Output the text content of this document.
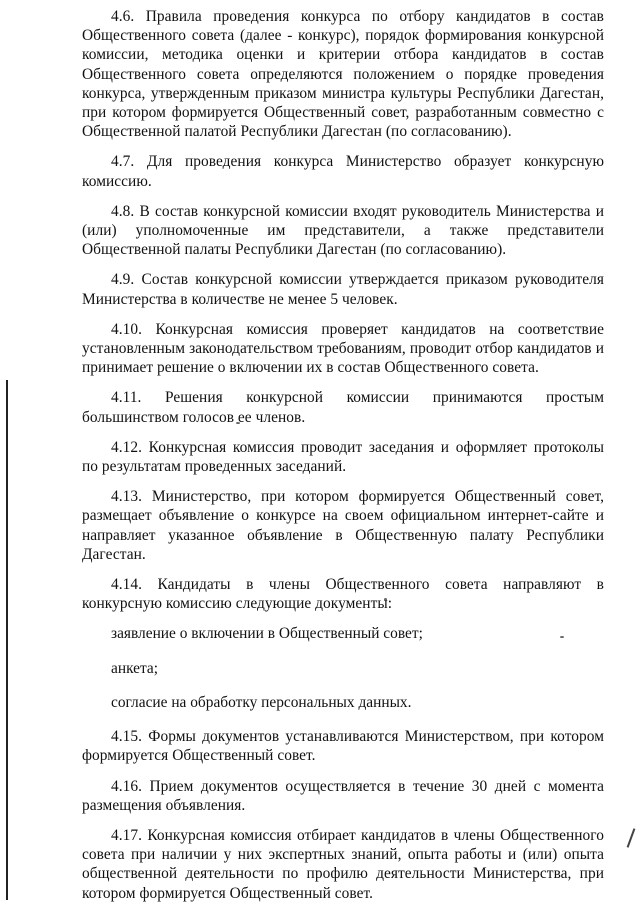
4.6. Правила проведения конкурса по отбору кандидатов в состав Общественного совета (далее - конкурс), порядок формирования конкурсной комиссии, методика оценки и критерии отбора кандидатов в состав Общественного совета определяются положением о порядке проведения конкурса, утвержденным приказом министра культуры Республики Дагестан, при котором формируется Общественный совет, разработанным совместно с Общественной палатой Республики Дагестан (по согласованию).

4.7. Для проведения конкурса Министерство образует конкурсную комиссию.

4.8. В состав конкурсной комиссии входят руководитель Министерства и (или) уполномоченные им представители, а также представители Общественной палаты Республики Дагестан (по согласованию).

4.9. Состав конкурсной комиссии утверждается приказом руководителя Министерства в количестве не менее 5 человек.

4.10. Конкурсная комиссия проверяет кандидатов на соответствие установленным законодательством требованиям, проводит отбор кандидатов и принимает решение о включении их в состав Общественного совета.

4.11. Решения конкурсной комиссии принимаются простым большинством голосов ее членов.

4.12. Конкурсная комиссия проводит заседания и оформляет протоколы по результатам проведенных заседаний.

4.13. Министерство, при котором формируется Общественный совет, размещает объявление о конкурсе на своем официальном интернет-сайте и направляет указанное объявление в Общественную палату Республики Дагестан.

4.14. Кандидаты в члены Общественного совета направляют в конкурсную комиссию следующие документы:

заявление о включении в Общественный совет;

анкета;

согласие на обработку персональных данных.

4.15. Формы документов устанавливаются Министерством, при котором формируется Общественный совет.

4.16. Прием документов осуществляется в течение 30 дней с момента размещения объявления.

4.17. Конкурсная комиссия отбирает кандидатов в члены Общественного совета при наличии у них экспертных знаний, опыта работы и (или) опыта общественной деятельности по профилю деятельности Министерства, при котором формируется Общественный совет.
